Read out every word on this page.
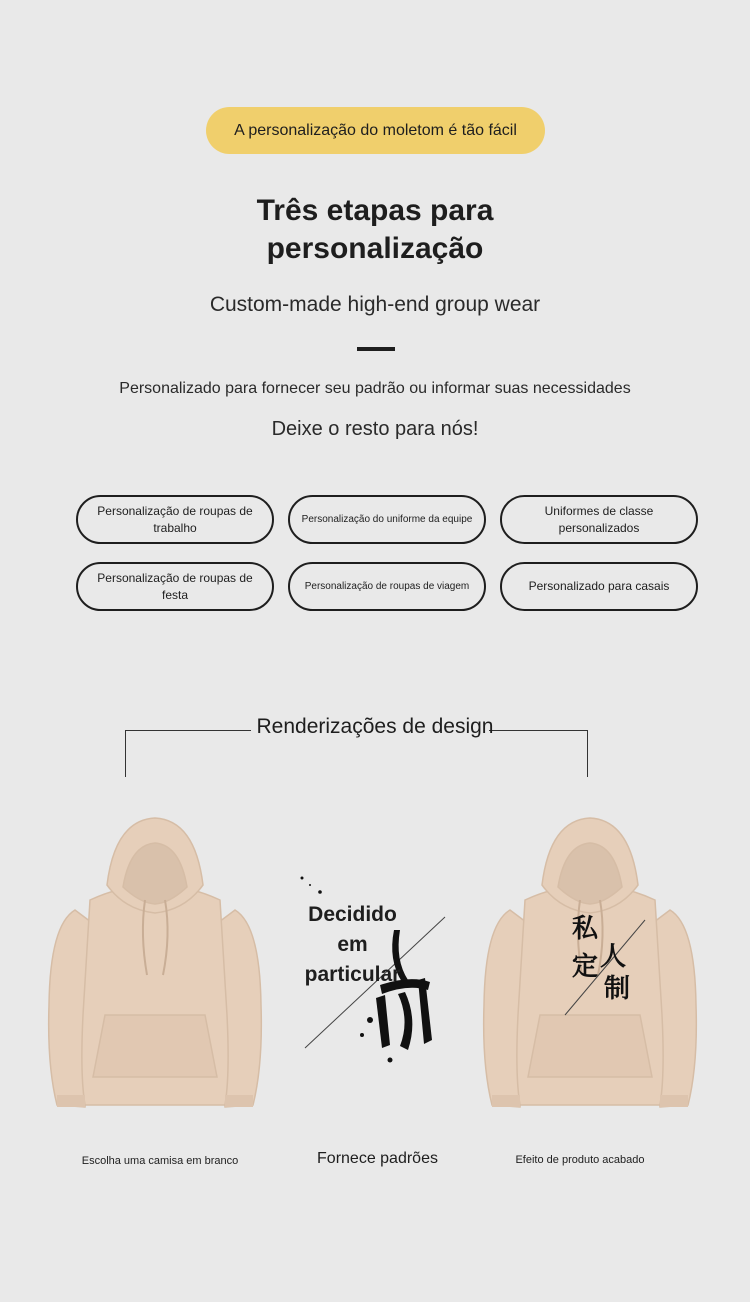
A personalização do moletom é tão fácil
Três etapas para
personalização
Custom-made high-end group wear
Personalizado para fornecer seu padrão ou informar suas necessidades
Deixe o resto para nós!
Personalização de roupas de trabalho
Personalização do uniforme da equipe
Uniformes de classe personalizados
Personalização de roupas de festa
Personalização de roupas de viagem	Personalizado para casais
Renderizações de design
Decidido
em
particular
私人定制
Escolha uma camisa em branco	Fornece padrões	Efeito de produto acabado
